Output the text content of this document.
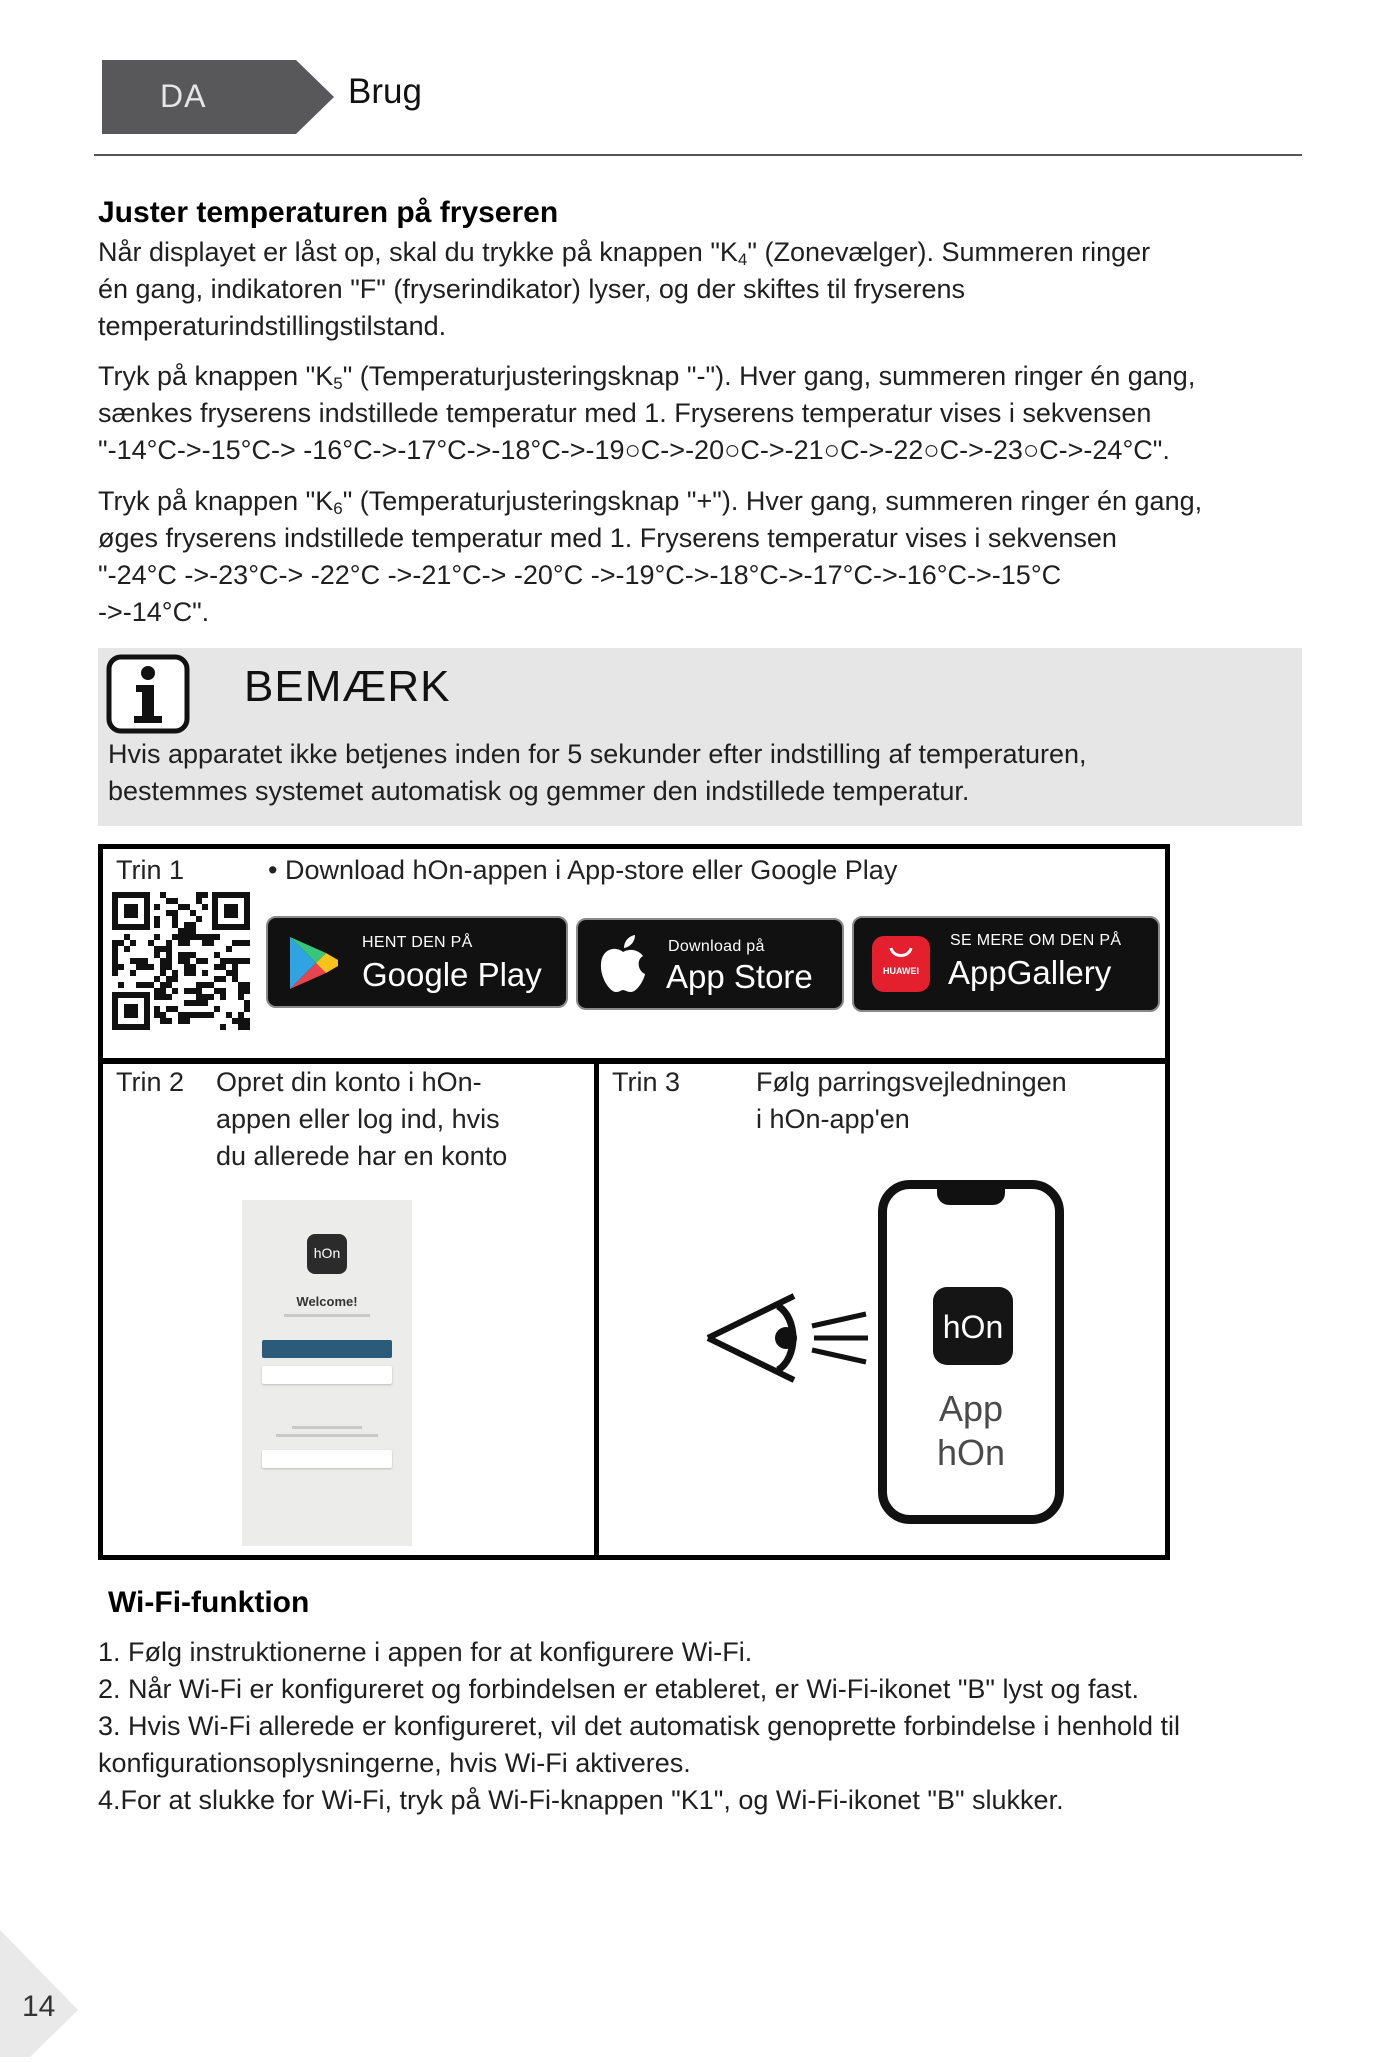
DA	Brug
Juster temperaturen på fryseren
Når displayet er låst op, skal du trykke på knappen "$K_4$" (Zonevælger). Summeren ringer
én gang, indikatoren "F" (fryserindikator) lyser, og der skiftes til fryserens
temperaturindstillingstilstand.
Tryk på knappen "$K_5$" (Temperaturjusteringsknap "-"). Hver gang, summeren ringer én gang,
sænkes fryserens indstillede temperatur med 1. Fryserens temperatur vises i sekvensen
"-14°C->-15°C-> -16°C->-17°C->-18°C->-19○C->-20○C->-21○C->-22○C->-23○C->-24°C".
Tryk på knappen "$K_6$" (Temperaturjusteringsknap "+"). Hver gang, summeren ringer én gang,
øges fryserens indstillede temperatur med 1. Fryserens temperatur vises i sekvensen
"-24°C ->-23°C-> -22°C ->-21°C-> -20°C ->-19°C->-18°C->-17°C->-16°C->-15°C
->-14°C".
BEMÆRK
Hvis apparatet ikke betjenes inden for 5 sekunder efter indstilling af temperaturen,
bestemmes systemet automatisk og gemmer den indstillede temperatur.
Trin 1	• Download hOn-appen i App-store eller Google Play
HENT DEN PÅ
Google Play
Download på
App Store	HUAWEI
SE MERE OM DEN PÅ
AppGallery
Trin 2 Opret din konto i hOn-
appen eller log ind, hvis
du allerede har en konto
hOn
Welcome!
Trin 3	Følg parringsvejledningen
i hOn-app'en
hOn
App
hOn
Wi-Fi-funktion
1. Følg instruktionerne i appen for at konfigurere Wi-Fi.
2. Når Wi-Fi er konfigureret og forbindelsen er etableret, er Wi-Fi-ikonet "B" lyst og fast.
3. Hvis Wi-Fi allerede er konfigureret, vil det automatisk genoprette forbindelse i henhold til
konfigurationsoplysningerne, hvis Wi-Fi aktiveres.
4.For at slukke for Wi-Fi, tryk på Wi-Fi-knappen "K1", og Wi-Fi-ikonet "B" slukker.
14
